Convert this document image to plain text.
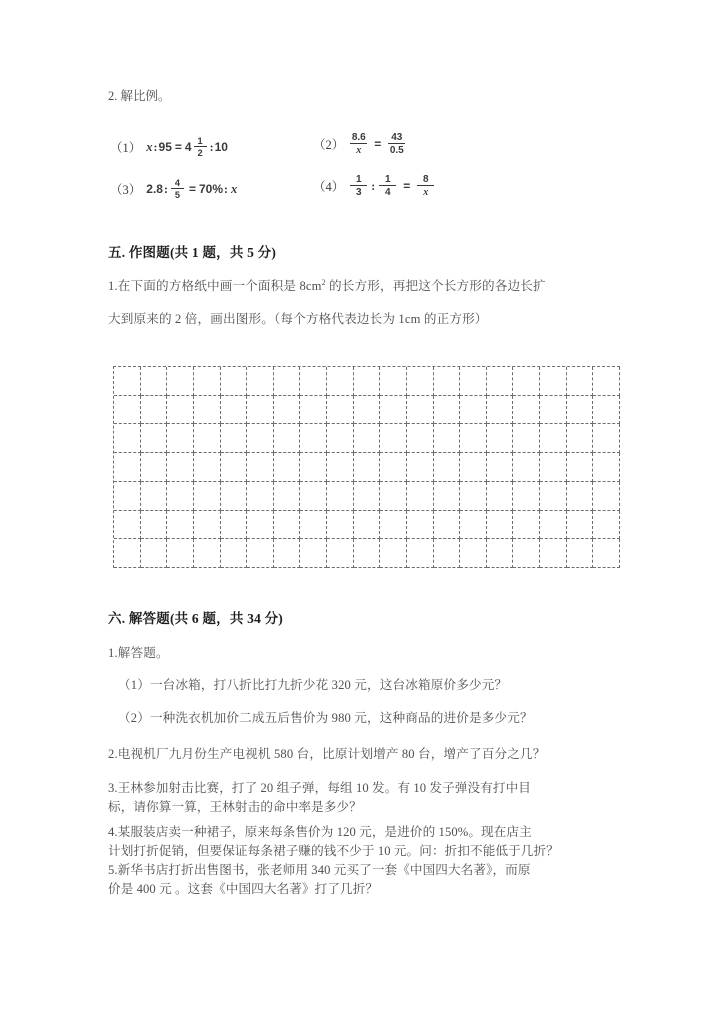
2. 解比例。
（1） x : $95 = 4 \frac{1}{2}$ : 10	$(2) \frac{8.6}{x} = \frac{43}{0.5}$
（3） 2.8 : $\frac{4}{5} = 70\%$ : x	$(4) \frac{1}{3}$ : $\frac{1}{4} = \frac{8}{x}$
五. 作图题(共 1 题，共 5 分)
1.在下面的方格纸中画一个面积是 $8cm^2$ 的长方形，再把这个长方形的各边长扩
大到原来的 2 倍，画出图形。（每个方格代表边长为 1cm 的正方形）
六. 解答题(共 6 题，共 34 分)
1.解答题。
（1）一台冰箱，打八折比打九折少花 320 元，这台冰箱原价多少元？
（2）一种洗衣机加价二成五后售价为 980 元，这种商品的进价是多少元？
2.电视机厂九月份生产电视机 580 台，比原计划增产 80 台，增产了百分之几？
3.王林参加射击比赛，打了 20 组子弹，每组 10 发。有 10 发子弹没有打中目
标，请你算一算，王林射击的命中率是多少？
4.某服装店卖一种裙子，原来每条售价为 120 元，是进价的 150%。现在店主
计划打折促销，但要保证每条裙子赚的钱不少于 10 元。问：折扣不能低于几折？
5.新华书店打折出售图书，张老师用 340 元买了一套《中国四大名著》，而原
价是 400 元 。这套《中国四大名著》打了几折？
